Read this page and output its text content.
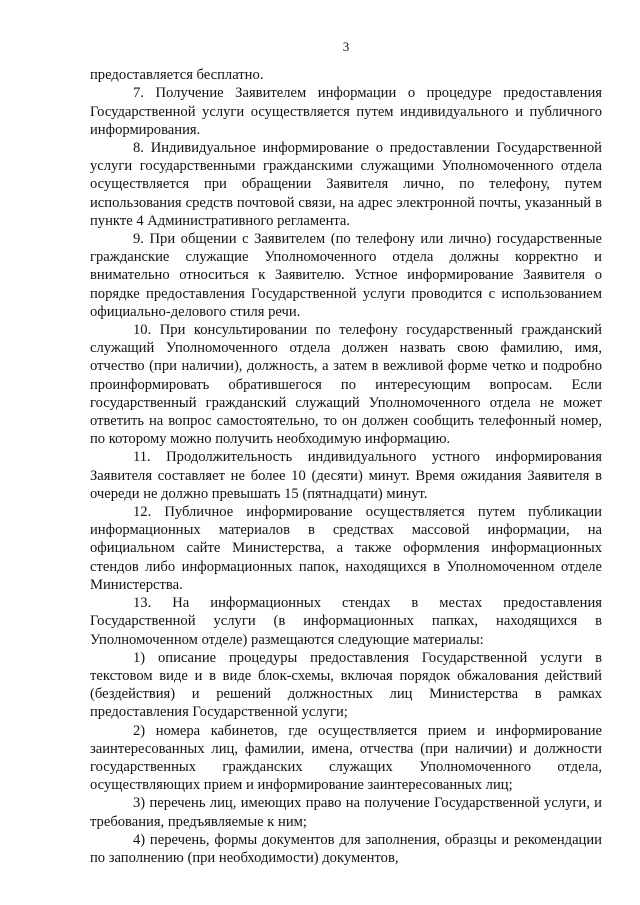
3

предоставляется бесплатно.

7. Получение Заявителем информации о процедуре предоставления Государственной услуги осуществляется путем индивидуального и публичного информирования.

8. Индивидуальное информирование о предоставлении Государственной услуги государственными гражданскими служащими Уполномоченного отдела осуществляется при обращении Заявителя лично, по телефону, путем использования средств почтовой связи, на адрес электронной почты, указанный в пункте 4 Административного регламента.

9. При общении с Заявителем (по телефону или лично) государственные гражданские служащие Уполномоченного отдела должны корректно и внимательно относиться к Заявителю. Устное информирование Заявителя о порядке предоставления Государственной услуги проводится с использованием официально-делового стиля речи.

10. При консультировании по телефону государственный гражданский служащий Уполномоченного отдела должен назвать свою фамилию, имя, отчество (при наличии), должность, а затем в вежливой форме четко и подробно проинформировать обратившегося по интересующим вопросам. Если государственный гражданский служащий Уполномоченного отдела не может ответить на вопрос самостоятельно, то он должен сообщить телефонный номер, по которому можно получить необходимую информацию.

11. Продолжительность индивидуального устного информирования Заявителя составляет не более 10 (десяти) минут. Время ожидания Заявителя в очереди не должно превышать 15 (пятнадцати) минут.

12. Публичное информирование осуществляется путем публикации информационных материалов в средствах массовой информации, на официальном сайте Министерства, а также оформления информационных стендов либо информационных папок, находящихся в Уполномоченном отделе Министерства.

13. На информационных стендах в местах предоставления Государственной услуги (в информационных папках, находящихся в Уполномоченном отделе) размещаются следующие материалы:

1) описание процедуры предоставления Государственной услуги в текстовом виде и в виде блок-схемы, включая порядок обжалования действий (бездействия) и решений должностных лиц Министерства в рамках предоставления Государственной услуги;

2) номера кабинетов, где осуществляется прием и информирование заинтересованных лиц, фамилии, имена, отчества (при наличии) и должности государственных гражданских служащих Уполномоченного отдела, осуществляющих прием и информирование заинтересованных лиц;

3) перечень лиц, имеющих право на получение Государственной услуги, и требования, предъявляемые к ним;

4) перечень, формы документов для заполнения, образцы и рекомендации по заполнению (при необходимости) документов,
